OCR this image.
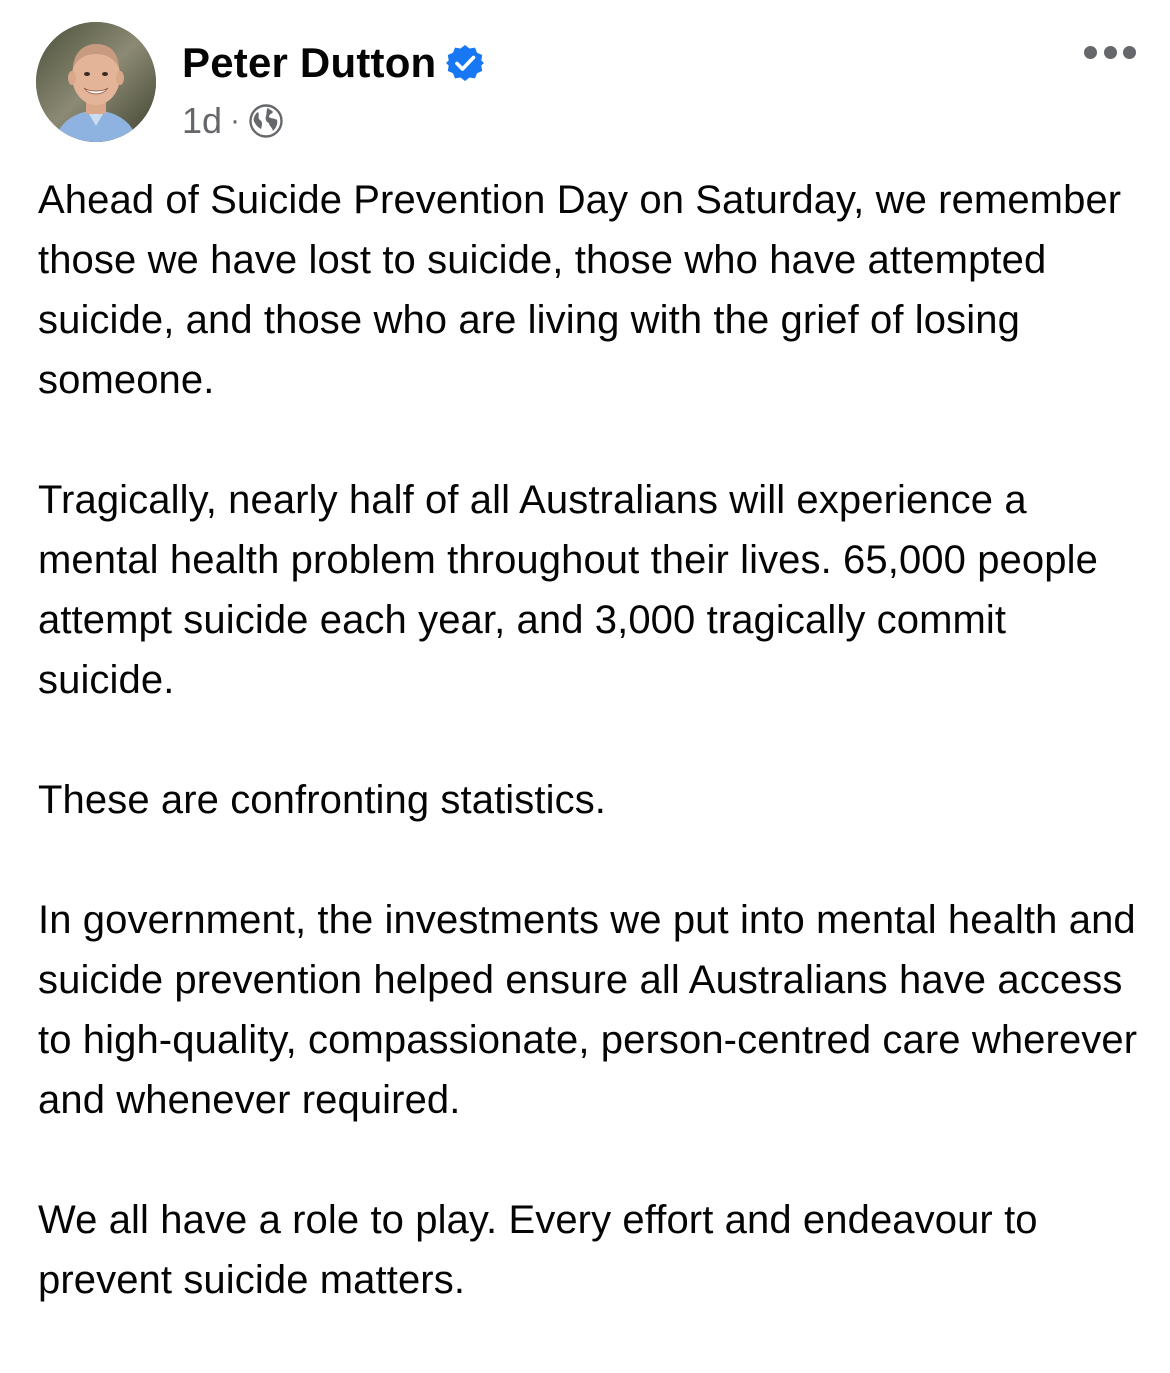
Peter Dutton
1d ·

Ahead of Suicide Prevention Day on Saturday, we remember those we have lost to suicide, those who have attempted suicide, and those who are living with the grief of losing someone.

Tragically, nearly half of all Australians will experience a mental health problem throughout their lives. 65,000 people attempt suicide each year, and 3,000 tragically commit suicide.

These are confronting statistics.

In government, the investments we put into mental health and suicide prevention helped ensure all Australians have access to high-quality, compassionate, person-centred care wherever and whenever required.

We all have a role to play. Every effort and endeavour to prevent suicide matters.
